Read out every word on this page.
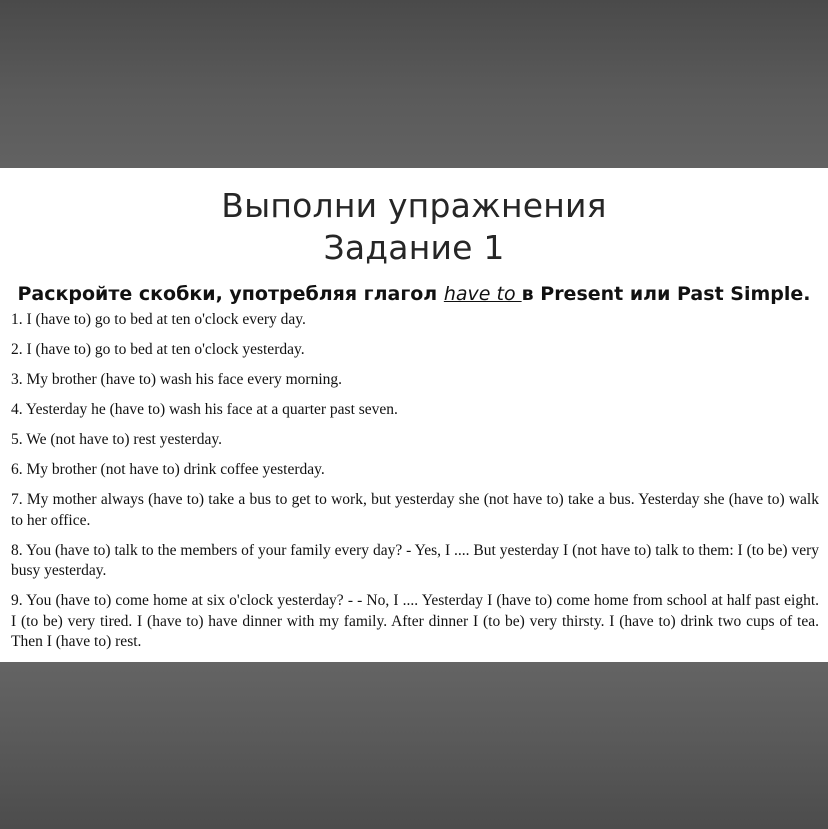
Выполни упражнения
Задание 1
Раскройте скобки, употребляя глагол have to в Present или Past Simple.

1. I (have to) go to bed at ten o'clock every day.

2. I (have to) go to bed at ten o'clock yesterday.

3. My brother (have to) wash his face every morning.

4. Yesterday he (have to) wash his face at a quarter past seven.

5. We (not have to) rest yesterday.

6. My brother (not have to) drink coffee yesterday.

7. My mother always (have to) take a bus to get to work, but yesterday she (not have to) take a bus. Yesterday she (have to) walk to her office.

8. You (have to) talk to the members of your family every day? - Yes, I .... But yesterday I (not have to) talk to them: I (to be) very busy yesterday.

9. You (have to) come home at six o'clock yesterday? - - No, I .... Yesterday I (have to) come home from school at half past eight. I (to be) very tired. I (have to) have dinner with my family. After dinner I (to be) very thirsty. I (have to) drink two cups of tea. Then I (have to) rest.
